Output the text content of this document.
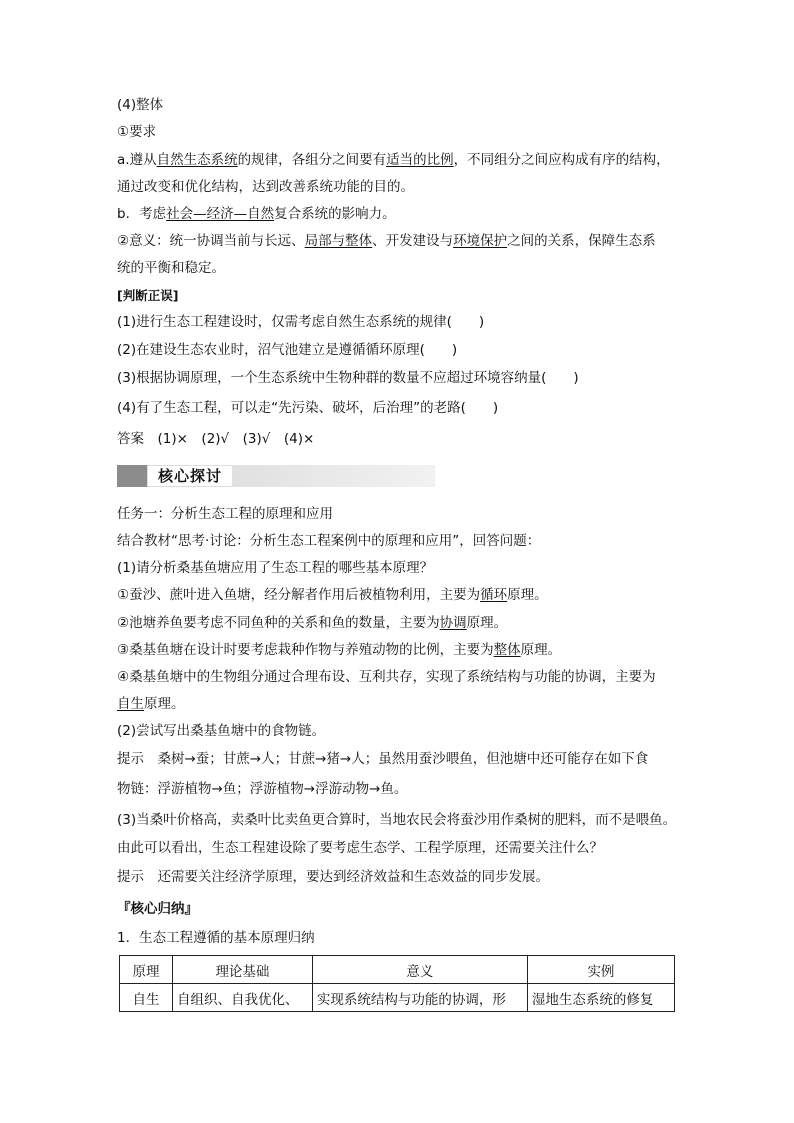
(4)整体
①要求
a.遵从自然生态系统的规律，各组分之间要有适当的比例，不同组分之间应构成有序的结构，
通过改变和优化结构，达到改善系统功能的目的。
b．考虑社会—经济—自然复合系统的影响力。
②意义：统一协调当前与长远、局部与整体、开发建设与环境保护之间的关系，保障生态系
统的平衡和稳定。
[判断正误]
(1)进行生态工程建设时，仅需考虑自然生态系统的规律(　　)
(2)在建设生态农业时，沼气池建立是遵循循环原理(　　)
(3)根据协调原理，一个生态系统中生物种群的数量不应超过环境容纳量(　　)
(4)有了生态工程，可以走“先污染、破坏，后治理”的老路(　　)
答案　(1)×　(2)√　(3)√　(4)×
核心探讨
任务一：分析生态工程的原理和应用
结合教材“思考·讨论：分析生态工程案例中的原理和应用”，回答问题：
(1)请分析桑基鱼塘应用了生态工程的哪些基本原理？
①蚕沙、蔗叶进入鱼塘，经分解者作用后被植物利用，主要为循环原理。
②池塘养鱼要考虑不同鱼种的关系和鱼的数量，主要为协调原理。
③桑基鱼塘在设计时要考虑栽种作物与养殖动物的比例，主要为整体原理。
④桑基鱼塘中的生物组分通过合理布设、互利共存，实现了系统结构与功能的协调，主要为
自生原理。
(2)尝试写出桑基鱼塘中的食物链。
提示　桑树→蚕；甘蔗→人；甘蔗→猪→人；虽然用蚕沙喂鱼，但池塘中还可能存在如下食
物链：浮游植物→鱼；浮游植物→浮游动物→鱼。
(3)当桑叶价格高，卖桑叶比卖鱼更合算时，当地农民会将蚕沙用作桑树的肥料，而不是喂鱼。
由此可以看出，生态工程建设除了要考虑生态学、工程学原理，还需要关注什么？
提示　还需要关注经济学原理，要达到经济效益和生态效益的同步发展。
『核心归纳』
1．生态工程遵循的基本原理归纳
原理	理论基础	意义	实例
自生	自组织、自我优化、	实现系统结构与功能的协调，形	湿地生态系统的修复
